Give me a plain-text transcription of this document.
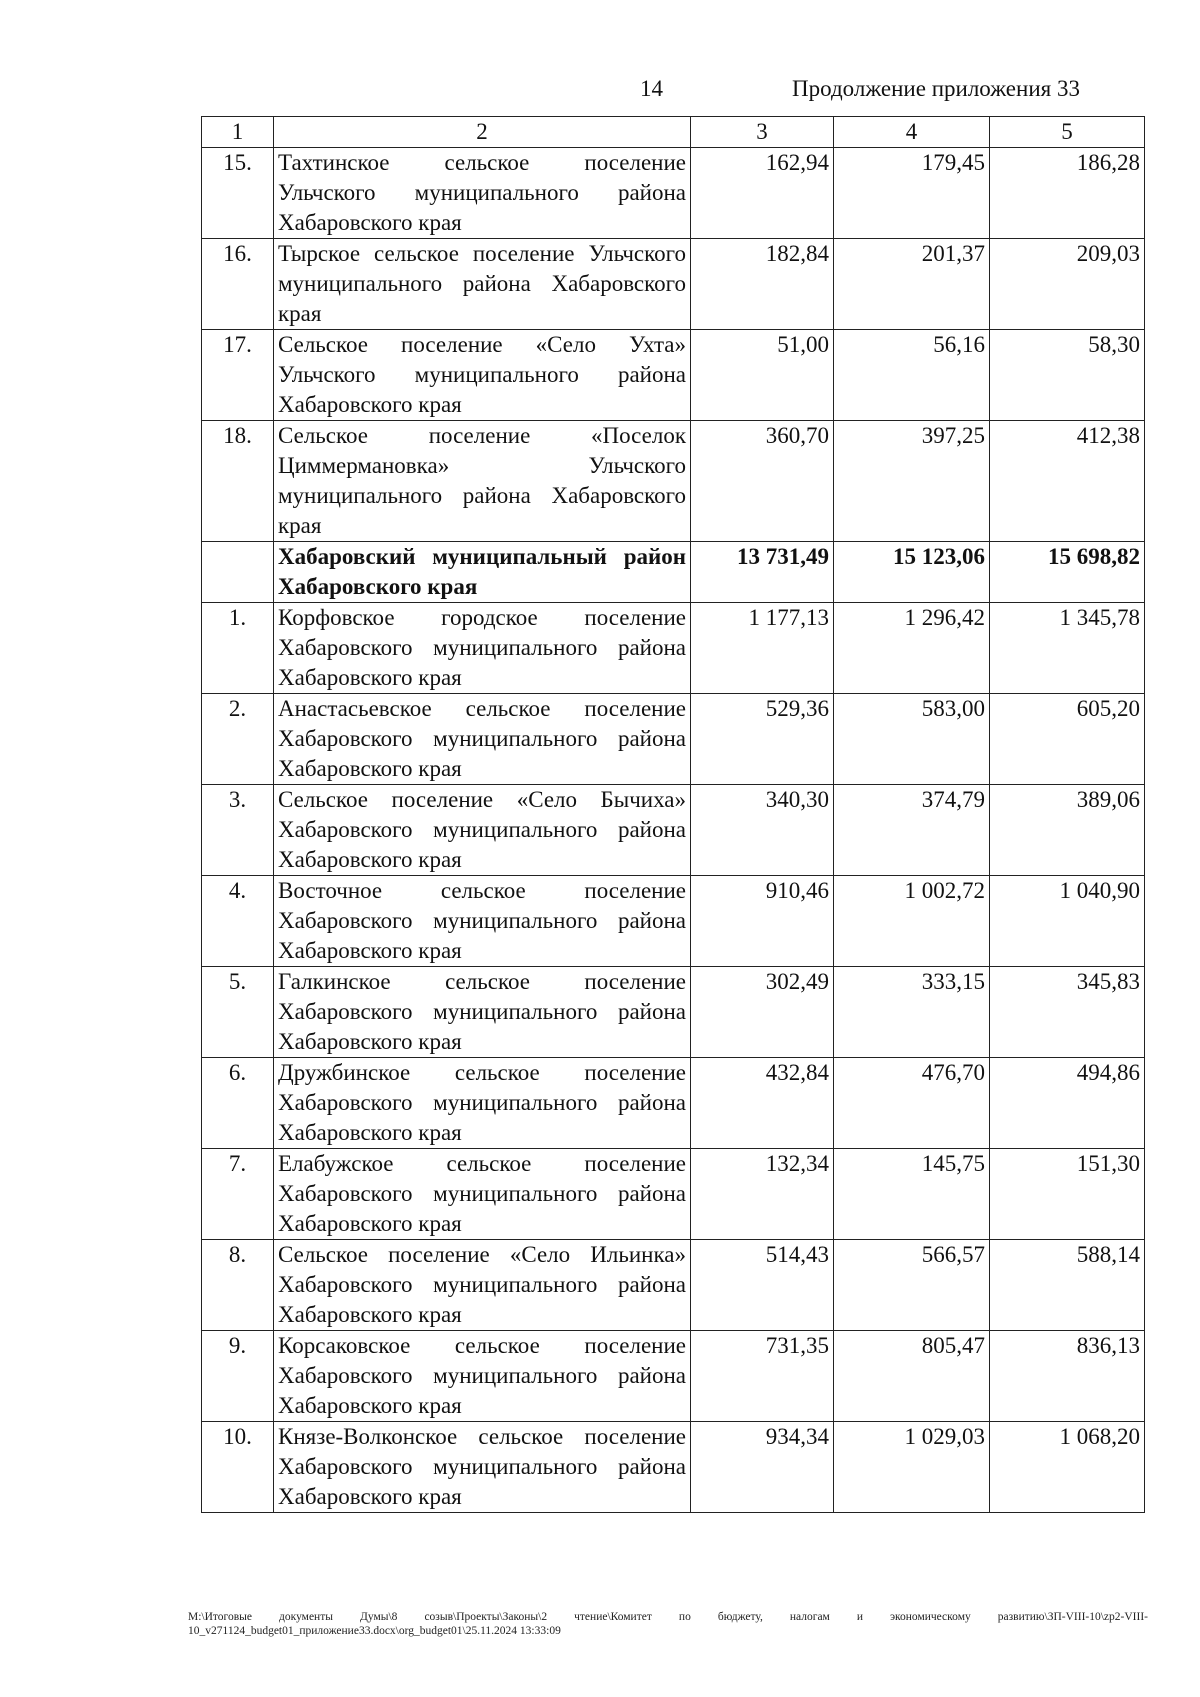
14	Продолжение приложения 33
1	2	3	4	5
15.	Тахтинское сельское поселение Ульчского муниципального района Хабаровского края	162,94	179,45	186,28
16.	Тырское сельское поселение Ульчского муниципального района Хабаровского края	182,84	201,37	209,03
17.	Сельское поселение «Село Ухта» Ульчского муниципального района Хабаровского края	51,00	56,16	58,30
18.	Сельское поселение «Поселок Циммермановка» Ульчского муниципального района Хабаровского края	360,70	397,25	412,38
	Хабаровский муниципальный район Хабаровского края	13 731,49	15 123,06	15 698,82
1.	Корфовское городское поселение Хабаровского муниципального района Хабаровского края	1 177,13	1 296,42	1 345,78
2.	Анастасьевское сельское поселение Хабаровского муниципального района Хабаровского края	529,36	583,00	605,20
3.	Сельское поселение «Село Бычиха» Хабаровского муниципального района Хабаровского края	340,30	374,79	389,06
4.	Восточное сельское поселение Хабаровского муниципального района Хабаровского края	910,46	1 002,72	1 040,90
5.	Галкинское сельское поселение Хабаровского муниципального района Хабаровского края	302,49	333,15	345,83
6.	Дружбинское сельское поселение Хабаровского муниципального района Хабаровского края	432,84	476,70	494,86
7.	Елабужское сельское поселение Хабаровского муниципального района Хабаровского края	132,34	145,75	151,30
8.	Сельское поселение «Село Ильинка» Хабаровского муниципального района Хабаровского края	514,43	566,57	588,14
9.	Корсаковское сельское поселение Хабаровского муниципального района Хабаровского края	731,35	805,47	836,13
10.	Князе-Волконское сельское поселение Хабаровского муниципального района Хабаровского края	934,34	1 029,03	1 068,20
М:\Итоговые документы Думы\8 созыв\Проекты\Законы\2 чтение\Комитет по бюджету, налогам и экономическому развитию\ЗП-VIII-10\zp2-VIII-10_v271124_budget01_приложение33.docx\org_budget01\25.11.2024 13:33:09
